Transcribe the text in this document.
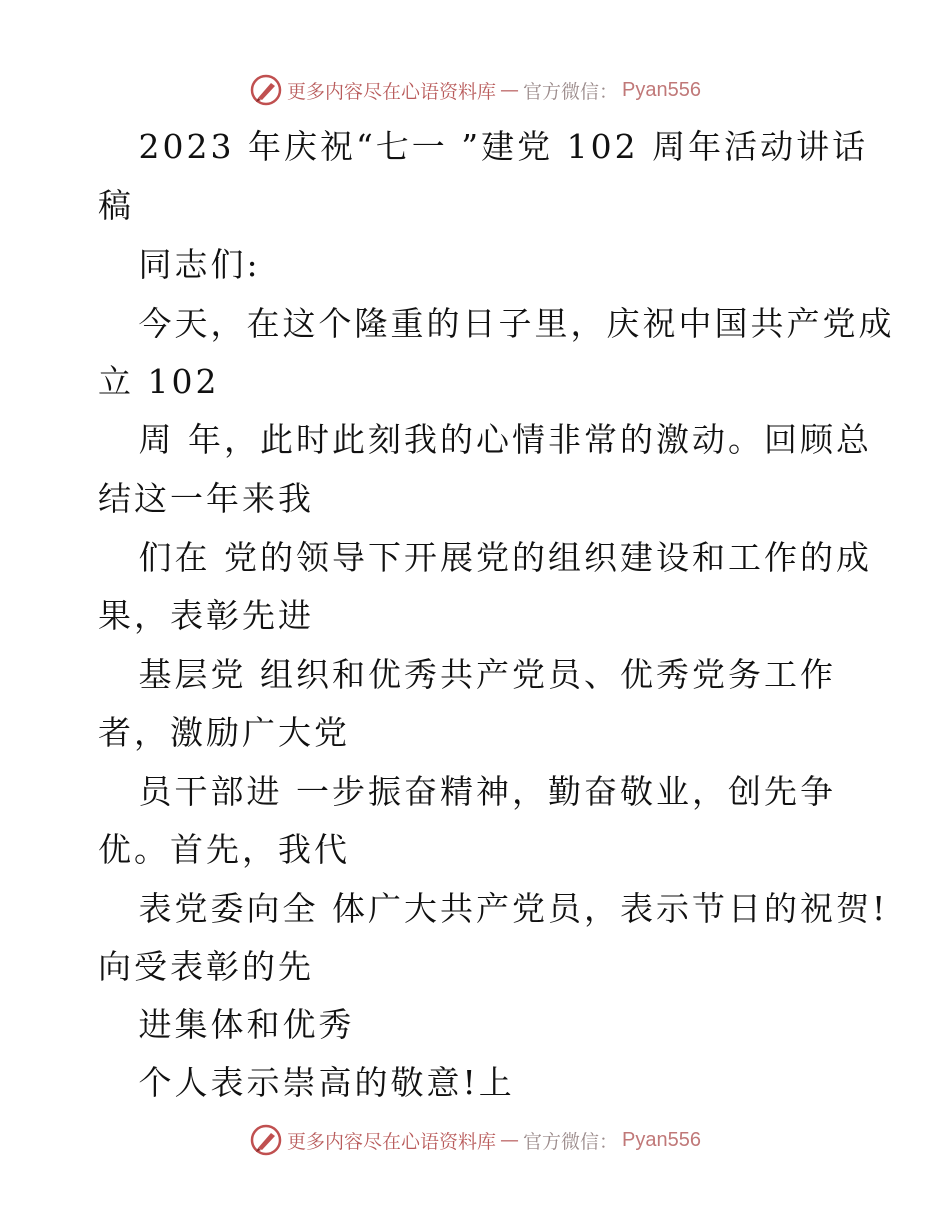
更多内容尽在心语资料库 — 官方微信： Pyan556
2023 年庆祝“七一 ”建党 102 周年活动讲话
稿
同志们:
今天，在这个隆重的日子里，庆祝中国共产党成
立 102
周 年，此时此刻我的心情非常的激动。回顾总
结这一年来我
们在 党的领导下开展党的组织建设和工作的成
果，表彰先进
基层党 组织和优秀共产党员、优秀党务工作
者，激励广大党
员干部进 一步振奋精神，勤奋敬业，创先争
优。首先，我代
表党委向全 体广大共产党员，表示节日的祝贺!
向受表彰的先
进集体和优秀
个人表示崇高的敬意!上
更多内容尽在心语资料库 — 官方微信： Pyan556
